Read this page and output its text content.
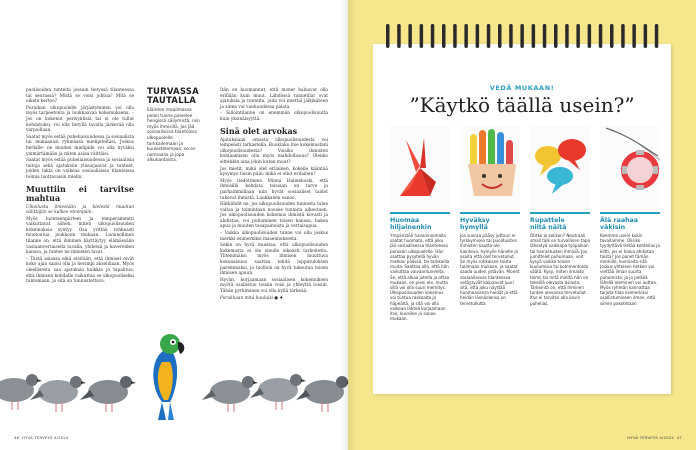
puolisoiden tunteita jossain tietyssä tilanteessa tai seurassa? Mistä se voisi johtua? Mitä se oikein kertoo?

Puraikan ulkopuolelle järjästyminen voi olla myös tarpeetonta ja loukkaavaa kokemuksena. – Jos on kokenut perisyntisiä tai ei ole tullut kohdatuksi, voi olla tietyllä tavalla järkevää olla varpaillaan.

Saatat myös estää puheliaisuudessa ja sosiaalista tai mukaanasi ryhmässä mielipiteitäsi. Joskus herkille- ne muiden mielipide voi olla hyväksi ymmärtämään ja miten asiaa väittäisi.

Saatat myös estää puheliaisuudessa ja sosiaalisia taitoja sekä ajatuksiin ylisuojaavat ja tunteet, joiden takia on vaikeaa sosiaalisissa tilanteissa toimia luottavaisin mielin.

Muuttiin ei tarvitse mahtua

Ulkoilusta ilmestään ja kielestä muuhun välittäjiin se kulkee eteenpäin.

Myös luonteenpiirteet ja temperamentti vaikuttavat siihen, miten ulkopuolisuuden kokemuksia syntyy. Osa yrittää rohkeasti muotoutua joukkoon mukaan. Luonnollinen tilanne on, että ihminen käyttäytyy elämässään vastaanvertaisella tavalla, yhdessä ja kavereiden kanssa, ja tuntee ne ihmisten tavat.

– Tästä asiassa eikä etsitään, että ihmiset eivät koko ajan saaisi olla ja hevimpi akselillaan. Myös oleellisesta saa ajatuksia kaikkia ja tapahtua, että ihmisen kohdalle vaikuttaa se ulkopuoliseksi tuntemaan, ja sitä on tunnustettava.

TURVASSA
TAUTALLA
Eläinten maailmassa pelon tunne palvelee hengissä säilymistä, niin myös ihmisillä. Jos jää sosiaalisissa tilanteissa ulkopuolelle tarkkailemaan ja kuulostelemaan, se on normaalia ja jopa alkukantaista.

Itän on huomannut, että monet haluavat olla erillään kuin muut. Lähdössä tunnetilat ovat ajatuksia ja tunteita, joita voi miettiä jälkikäteen ja sinne voi vanhuudessa palata.

– Sillointilanne on enemmän ulkopuolisuutta kuin yksinäisyyttä.

Sinä olet arvokas

Ajatuksiaan omasta ulkopuolisuudesta voi lempeästi tarkastella. Ruokinko itse kokemustani ulkopuolisuudesta? Voisiko ihmisten kohtaamisen olla myös mahdollisuus? Olenko sittenkin aina jokin kuten muut?

Jos mietit, mikä olet erilainen, kokeile kääntää kysymys toisin päin: mikä ei ollut erilainen?

Myös tiedotimme Minna Halmekoski, että ihmisillä kohdata toisiaan on tarve ja parhaimmillaan niin hyvät sosiaaliset taidot tukevat ihmistä. Laukkanen sanoo.

Hätkähdit ne, jos ulkopuolisuuden tunnesta tulee valtaa ja toimintaan nousee tunteita aiheutuen. Jos ulkopuolisuuden kokemus ihmistä kovasti ja ahdistaa, voi puhuminen toisen kanssa, hakea apua ja muuten tasapainoista ja vertaisapua.

– Vaikka ulkopuolisuuden tunne voi olla joskus merkki esimerkiksi masennuksesta.

Sekin on hyvä muistaa, että ulkopuolisuuden kokemusta ei ole sinulle oikeasti tarkoitettu. Ylitemmäksi myös ihmisen muuttuva kokonaisuus saattaa tehdä lopputuloksen paremmaksi, ja tuolloin on hyvä tukeutua toisen ihmisen apuun.

Hyvän, korjaamaan sosiaalisen kokemuksen myötä osallistuu toisiin voisi ja yhteyttä toisiin. Tähän pyrkiminen voi olla kyllä tärkeää.

Porukkaan mitä kuuluisi ● ♦

46 ⁠ HYVÄ TERVEYS 4/2024
VEDÄ MUKAAN!
”Käytkö täällä usein?”
Huomaa
hiljainenkin
Ympäristöä havainnoimalla saatat huomata, että joku jää sosiaalisessa tilanteessa porukan ulkopuolelle. Hän saattaa pysytellä hyvän matkan päässä, tai tarkkailla muita. Saattaa olla, että hän vaikuttaa vaivaantuneelta. Se, että alkaa jutella ja ottaa mukaan, on pieni ele, mutta sillä voi olla suuri merkitys. Ulkopuolisuuden kokemus voi tuntua raskaalta ja häpeältä, ja sitä voi olla vaikeaa lähteä korjaamaan itse, kuvailee ja sanoo mukaan.
Hyväksy
hymyllä
Jos suoraa pääsy juttuun ei tyrkkymisen tai puolituisten ihmisten kautta ole luonteva, hymyile hänelle ja osoita että olet tervetullut. Se myös rohkaisee toista tulemaan mukaan, ja saatat saada uuden ystävän. Monet sosiaalisessa tilanteessa vetäytyvät kaipaavat juuri sitä, että joku näyttää huomaavansa heidät ja että heidän läsnäolonsa on tervetullutta.
Rupattele
niitä näitä
Otitko jo kolikon? Neutraali small talk on turvallinen tapa lähestyä vaikkapa työpaikan tai harrastusten ihmisiä. Jos jumittelet puhumaan, voit kysyä vaikka toisen kuulumisia tai kommentoida säätä. Kysy, miten ilmasto toimii tai mitä mieltä hän on tekeillä olevasta asiasta. Tärkeintä on, että ihminen tuntee olevansa tervetullut. Itse ei tarvitse olla kovin puhelias.
Älä raahaa
väkisin
Koemme usein kukin tavallamme. Olisiko tyydyttävä tietää kohtelias ja kiltti, jos ei halua ahdistaa toista? Jos panet tämän merkille, kunnioita sitä. Joskus yhteisen hetken voi viettää ilman suurta puhumista, ja jo pelkkä lähellä oleminen voi auttaa. Myös ryhmän kannattaa tarjota tilaa esimerkiksi osallistumiseen ilman, että siihen pakotetaan.
HYVÄ TERVEYS 4/2024 ⁠ 47
